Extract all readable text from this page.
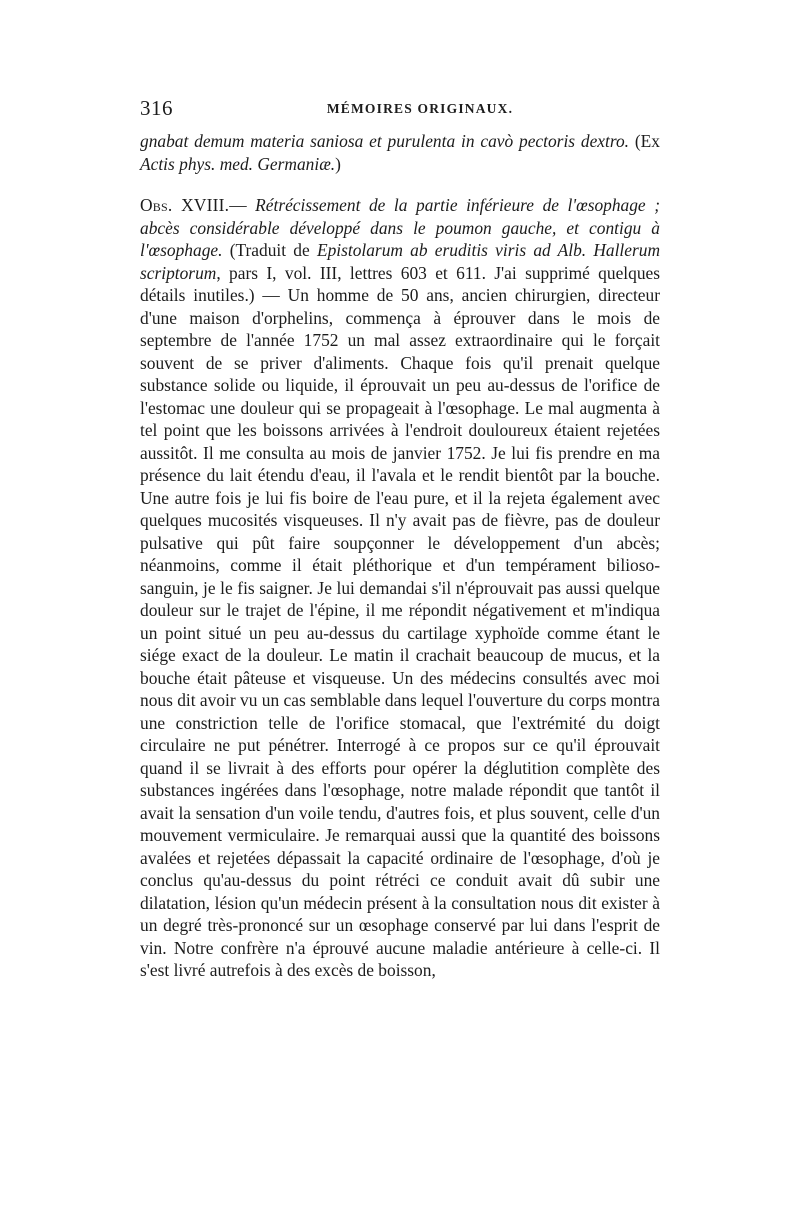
316	MÉMOIRES ORIGINAUX.

gnabat demum materia saniosa et purulenta in cavò pectoris dextro. (Ex Actis phys. med. Germaniæ.)

Obs. XVIII.— Rétrécissement de la partie inférieure de l'œsophage ; abcès considérable développé dans le poumon gauche, et contigu à l'œsophage. (Traduit de Epistolarum ab eruditis viris ad Alb. Hallerum scriptorum, pars I, vol. III, lettres 603 et 611. J'ai supprimé quelques détails inutiles.) — Un homme de 50 ans, ancien chirurgien, directeur d'une maison d'orphelins, commença à éprouver dans le mois de septembre de l'année 1752 un mal assez extraordinaire qui le forçait souvent de se priver d'aliments. Chaque fois qu'il prenait quelque substance solide ou liquide, il éprouvait un peu au-dessus de l'orifice de l'estomac une douleur qui se propageait à l'œsophage. Le mal augmenta à tel point que les boissons arrivées à l'endroit douloureux étaient rejetées aussitôt. Il me consulta au mois de janvier 1752. Je lui fis prendre en ma présence du lait étendu d'eau, il l'avala et le rendit bientôt par la bouche. Une autre fois je lui fis boire de l'eau pure, et il la rejeta également avec quelques mucosités visqueuses. Il n'y avait pas de fièvre, pas de douleur pulsative qui pût faire soupçonner le développement d'un abcès; néanmoins, comme il était pléthorique et d'un tempérament bilioso-sanguin, je le fis saigner. Je lui demandai s'il n'éprouvait pas aussi quelque douleur sur le trajet de l'épine, il me répondit négativement et m'indiqua un point situé un peu au-dessus du cartilage xyphoïde comme étant le siége exact de la douleur. Le matin il crachait beaucoup de mucus, et la bouche était pâteuse et visqueuse. Un des médecins consultés avec moi nous dit avoir vu un cas semblable dans lequel l'ouverture du corps montra une constriction telle de l'orifice stomacal, que l'extrémité du doigt circulaire ne put pénétrer. Interrogé à ce propos sur ce qu'il éprouvait quand il se livrait à des efforts pour opérer la déglutition complète des substances ingérées dans l'œsophage, notre malade répondit que tantôt il avait la sensation d'un voile tendu, d'autres fois, et plus souvent, celle d'un mouvement vermiculaire. Je remarquai aussi que la quantité des boissons avalées et rejetées dépassait la capacité ordinaire de l'œsophage, d'où je conclus qu'au-dessus du point rétréci ce conduit avait dû subir une dilatation, lésion qu'un médecin présent à la consultation nous dit exister à un degré très-prononcé sur un œsophage conservé par lui dans l'esprit de vin. Notre confrère n'a éprouvé aucune maladie antérieure à celle-ci. Il s'est livré autrefois à des excès de boisson,
